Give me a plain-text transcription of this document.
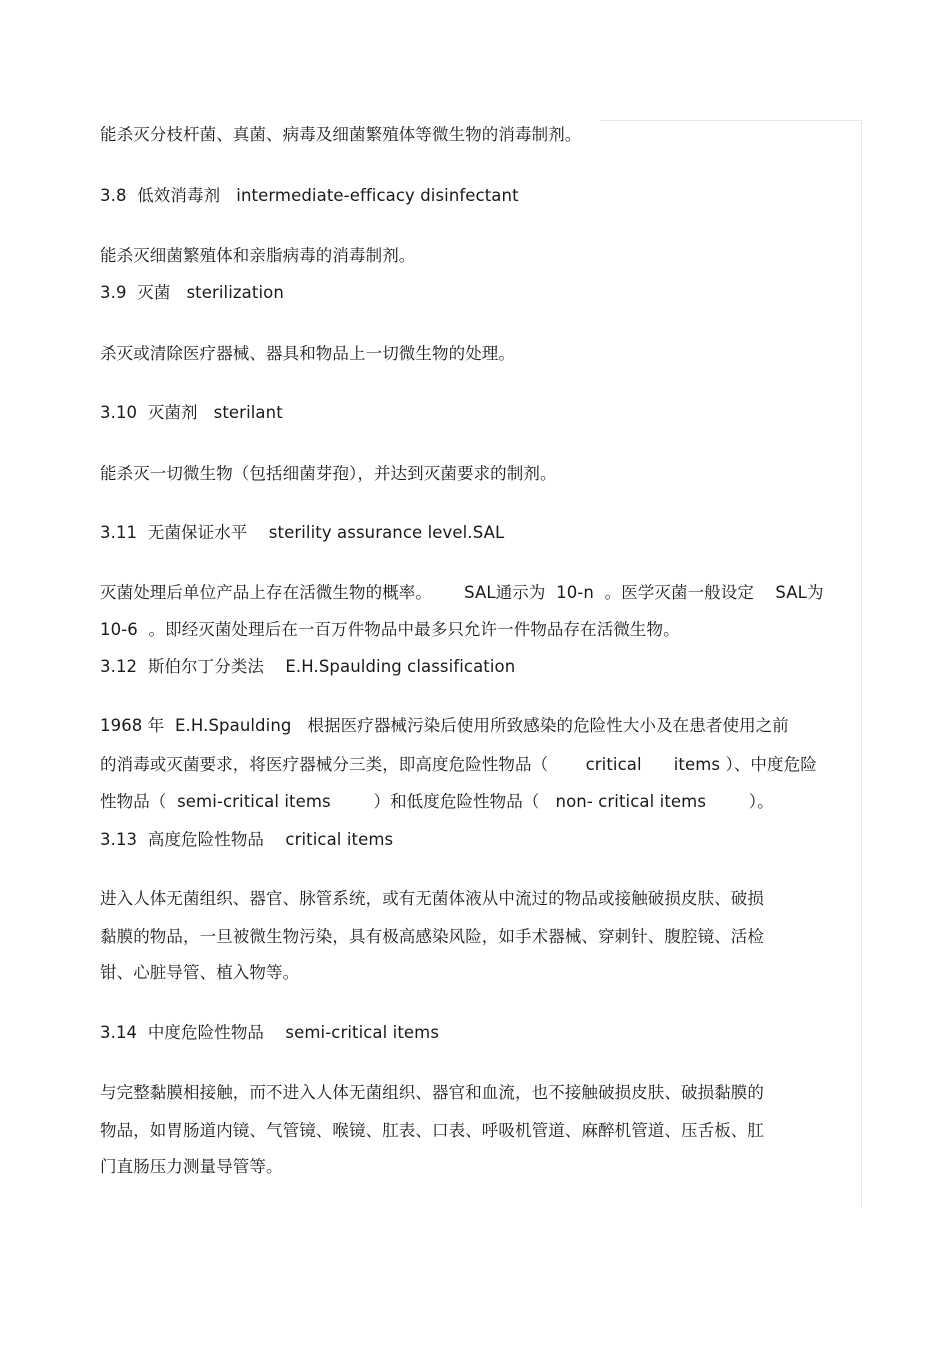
能杀灭分枝杆菌、真菌、病毒及细菌繁殖体等微生物的消毒制剂。
3.8  低效消毒剂   intermediate-efficacy disinfectant
能杀灭细菌繁殖体和亲脂病毒的消毒制剂。
3.9  灭菌   sterilization
杀灭或清除医疗器械、器具和物品上一切微生物的处理。
3.10  灭菌剂   sterilant
能杀灭一切微生物（包括细菌芽孢），并达到灭菌要求的制剂。
3.11  无菌保证水平    sterility assurance level.SAL
灭菌处理后单位产品上存在活微生物的概率。      SAL通示为  10-n  。医学灭菌一般设定    SAL为
10-6  。即经灭菌处理后在一百万件物品中最多只允许一件物品存在活微生物。
3.12  斯伯尔丁分类法    E.H.Spaulding classification
1968 年  E.H.Spaulding   根据医疗器械污染后使用所致感染的危险性大小及在患者使用之前
的消毒或灭菌要求，将医疗器械分三类，即高度危险性物品（       critical      items ）、中度危险
性物品（  semi-critical items        ）和低度危险性物品（   non- critical items        ）。
3.13  高度危险性物品    critical items
进入人体无菌组织、器官、脉管系统，或有无菌体液从中流过的物品或接触破损皮肤、破损
黏膜的物品，一旦被微生物污染，具有极高感染风险，如手术器械、穿刺针、腹腔镜、活检
钳、心脏导管、植入物等。
3.14  中度危险性物品    semi-critical items
与完整黏膜相接触，而不进入人体无菌组织、器官和血流，也不接触破损皮肤、破损黏膜的
物品，如胃肠道内镜、气管镜、喉镜、肛表、口表、呼吸机管道、麻醉机管道、压舌板、肛
门直肠压力测量导管等。
